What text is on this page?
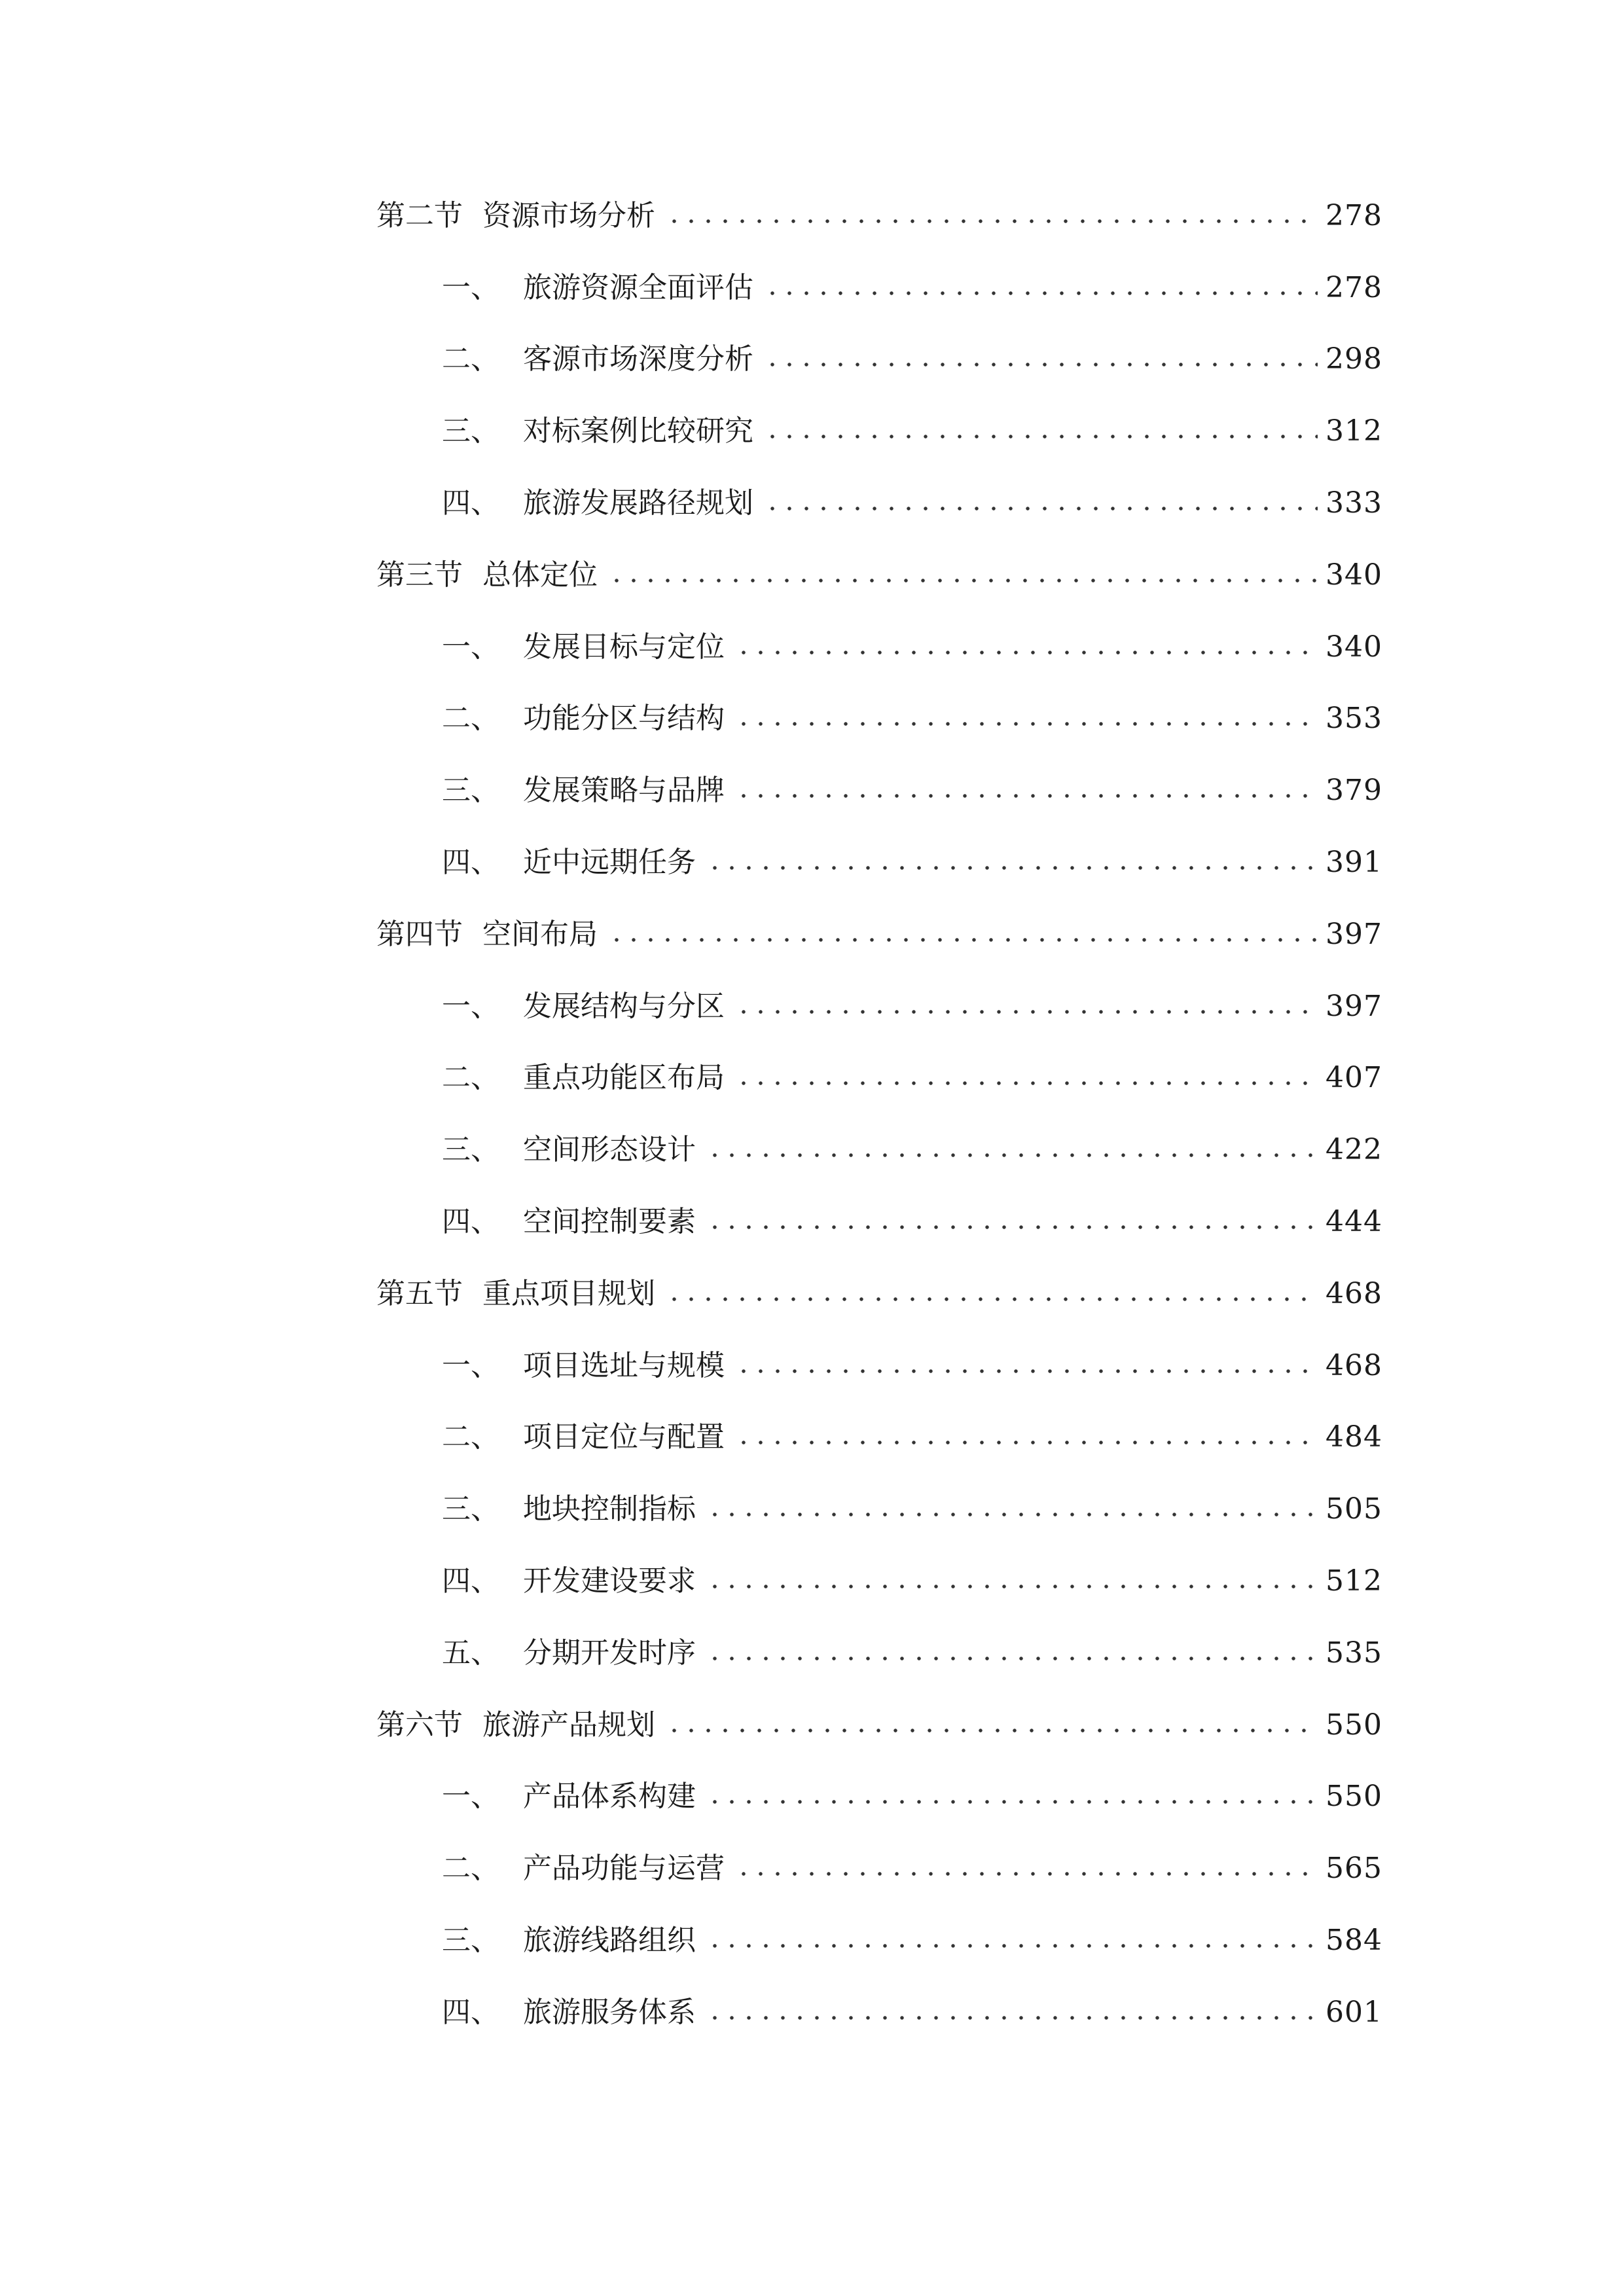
第二节 资源市场分析	278
一、 旅游资源全面评估	278
二、 客源市场深度分析	298
三、 对标案例比较研究	312
四、 旅游发展路径规划	333
第三节 总体定位	340
一、 发展目标与定位	340
二、 功能分区与结构	353
三、 发展策略与品牌	379
四、 近中远期任务	391
第四节 空间布局	397
一、 发展结构与分区	397
二、 重点功能区布局	407
三、 空间形态设计	422
四、 空间控制要素	444
第五节 重点项目规划	468
一、 项目选址与规模	468
二、 项目定位与配置	484
三、 地块控制指标	505
四、 开发建设要求	512
五、 分期开发时序	535
第六节 旅游产品规划	550
一、 产品体系构建	550
二、 产品功能与运营	565
三、 旅游线路组织	584
四、 旅游服务体系	601
